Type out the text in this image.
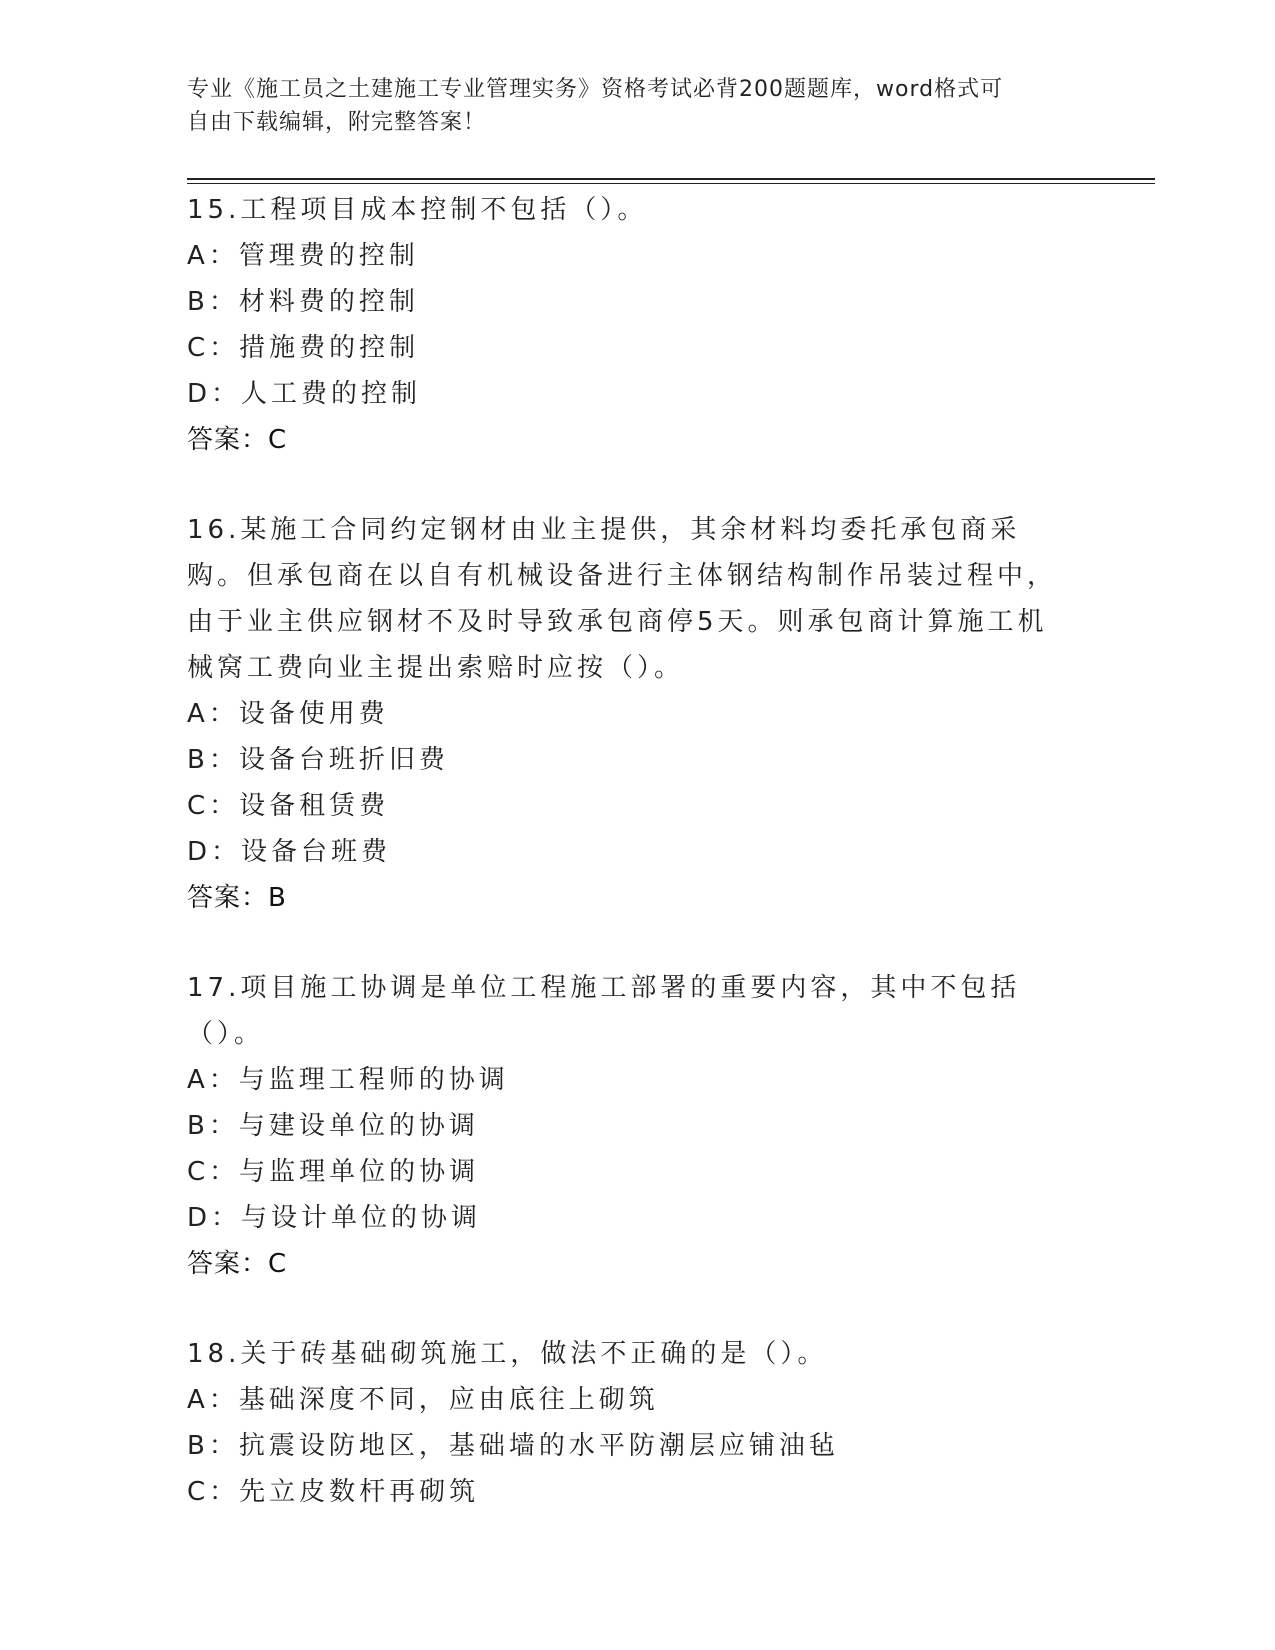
专业《施工员之土建施工专业管理实务》资格考试必背200题题库，word格式可
自由下载编辑，附完整答案！
15.工程项目成本控制不包括（）。
A：管理费的控制
B：材料费的控制
C：措施费的控制
D：人工费的控制
答案：C
16.某施工合同约定钢材由业主提供，其余材料均委托承包商采购。但承包商在以自有机械设备进行主体钢结构制作吊装过程中，由于业主供应钢材不及时导致承包商停5天。则承包商计算施工机械窝工费向业主提出索赔时应按（）。
A：设备使用费
B：设备台班折旧费
C：设备租赁费
D：设备台班费
答案：B
17.项目施工协调是单位工程施工部署的重要内容，其中不包括（）。
A：与监理工程师的协调
B：与建设单位的协调
C：与监理单位的协调
D：与设计单位的协调
答案：C
18.关于砖基础砌筑施工，做法不正确的是（）。
A：基础深度不同，应由底往上砌筑
B：抗震设防地区，基础墙的水平防潮层应铺油毡
C：先立皮数杆再砌筑
